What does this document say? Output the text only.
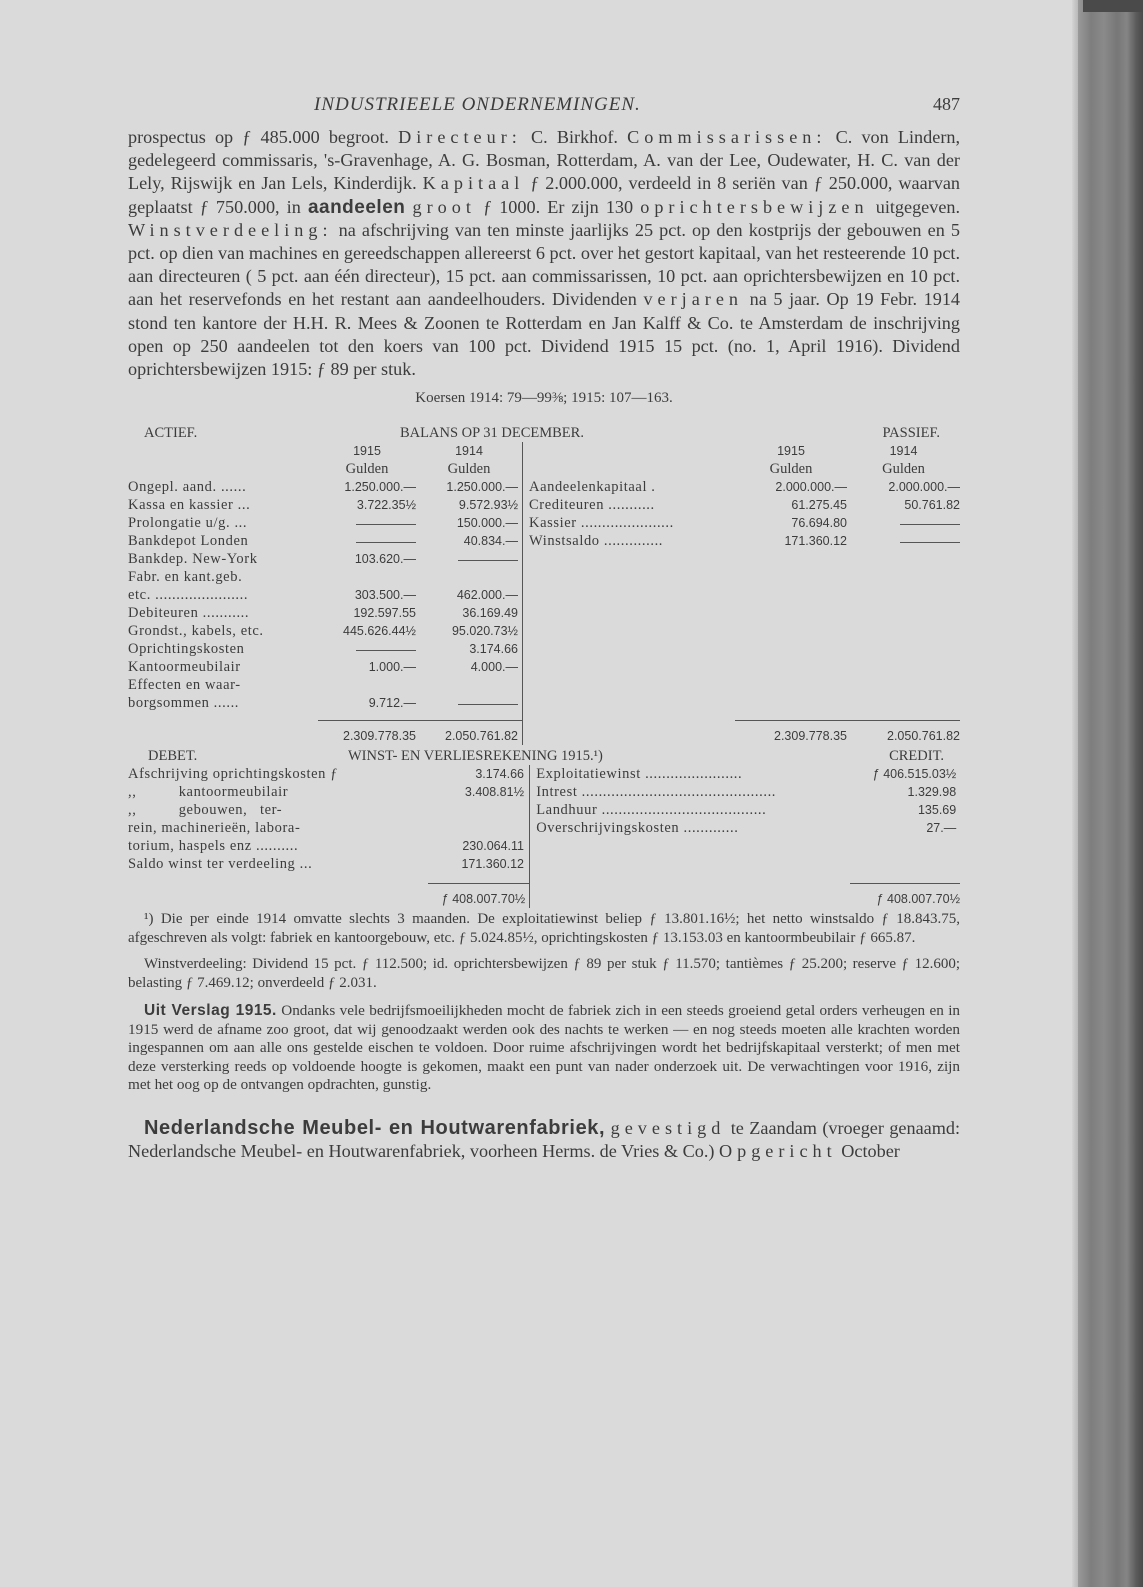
INDUSTRIEELE ONDERNEMINGEN.	487
prospectus op ƒ 485.000 begroot. Directeur: C. Birkhof. Commissarissen: C. von Lindern, gedelegeerd commissaris, 's-Gravenhage, A. G. Bosman, Rotterdam, A. van der Lee, Oudewater, H. C. van der Lely, Rijswijk en Jan Lels, Kinderdijk. Kapitaal ƒ 2.000.000, verdeeld in 8 seriën van ƒ 250.000, waarvan geplaatst ƒ 750.000, in aandeelen groot ƒ 1000. Er zijn 130 oprichtersbewijzen uitgegeven. Winstverdeeling: na afschrijving van ten minste jaarlijks 25 pct. op den kostprijs der gebouwen en 5 pct. op dien van machines en gereedschappen allereerst 6 pct. over het gestort kapitaal, van het resteerende 10 pct. aan directeuren ( 5 pct. aan één directeur), 15 pct. aan commissarissen, 10 pct. aan oprichtersbewijzen en 10 pct. aan het reservefonds en het restant aan aandeelhouders. Dividenden verjaren na 5 jaar. Op 19 Febr. 1914 stond ten kantore der H.H. R. Mees & Zoonen te Rotterdam en Jan Kalff & Co. te Amsterdam de inschrijving open op 250 aandeelen tot den koers van 100 pct. Dividend 1915 15 pct. (no. 1, April 1916). Dividend oprichtersbewijzen 1915: ƒ 89 per stuk.
Koersen 1914: 79—99⅜; 1915: 107—163.
ACTIEF. BALANS OP 31 DECEMBER.			PASSIEF.		
	1915	1914		1915	1914
	Gulden	Gulden		Gulden	Gulden
Ongepl. aand. ......	1.250.000.—	1.250.000.—	Aandeelenkapitaal .	2.000.000.—	2.000.000.—
Kassa en kassier ...	3.722.35½	9.572.93½	Crediteuren ...........	61.275.45	50.761.82
Prolongatie u/g. ...		150.000.—	Kassier ......................	76.694.80	
Bankdepot Londen		40.834.—	Winstsaldo ..............	171.360.12	
Bankdep. New-York	103.620.—				
Fabr. en kant.geb.					
etc. ......................	303.500.—	462.000.—			
Debiteuren ...........	192.597.55	36.169.49			
Grondst., kabels, etc.	445.626.44½	95.020.73½			
Oprichtingskosten		3.174.66			
Kantoormeubilair	1.000.—	4.000.—			
Effecten en waar-					
borgsommen ......	9.712.—				

	2.309.778.35	2.050.761.82		2.309.778.35	2.050.761.82
DEBET.	WINST- EN VERLIESREKENING 1915.¹)	CREDIT.

Afschrijving oprichtingskosten ƒ	3.174.66
,,          kantoormeubilair	3.408.81½
,,          gebouwen,   ter-	
rein, machinerieën, labora-	
torium, haspels enz ..........	230.064.11
Saldo winst ter verdeeling ...	171.360.12

Exploitatiewinst .......................	ƒ 406.515.03½
Intrest ..............................................	1.329.98
Landhuur .......................................	135.69
Overschrijvingskosten .............	27.—

	ƒ 408.007.70½		ƒ 408.007.70½
¹) Die per einde 1914 omvatte slechts 3 maanden. De exploitatiewinst beliep ƒ 13.801.16½; het netto winstsaldo ƒ 18.843.75, afgeschreven als volgt: fabriek en kantoorgebouw, etc. ƒ 5.024.85½, oprichtingskosten ƒ 13.153.03 en kantoormbeubilair ƒ 665.87.
Winstverdeeling: Dividend 15 pct. ƒ 112.500; id. oprichtersbewijzen ƒ 89 per stuk ƒ 11.570; tantièmes ƒ 25.200; reserve ƒ 12.600; belasting ƒ 7.469.12; onverdeeld ƒ 2.031.
Uit Verslag 1915. Ondanks vele bedrijfsmoeilijkheden mocht de fabriek zich in een steeds groeiend getal orders verheugen en in 1915 werd de afname zoo groot, dat wij genoodzaakt werden ook des nachts te werken — en nog steeds moeten alle krachten worden ingespannen om aan alle ons gestelde eischen te voldoen. Door ruime afschrijvingen wordt het bedrijfskapitaal versterkt; of men met deze versterking reeds op voldoende hoogte is gekomen, maakt een punt van nader onderzoek uit. De verwachtingen voor 1916, zijn met het oog op de ontvangen opdrachten, gunstig.
Nederlandsche Meubel- en Houtwarenfabriek, gevestigd te Zaandam (vroeger genaamd: Nederlandsche Meubel- en Houtwarenfabriek, voorheen Herms. de Vries & Co.) Opgericht October
